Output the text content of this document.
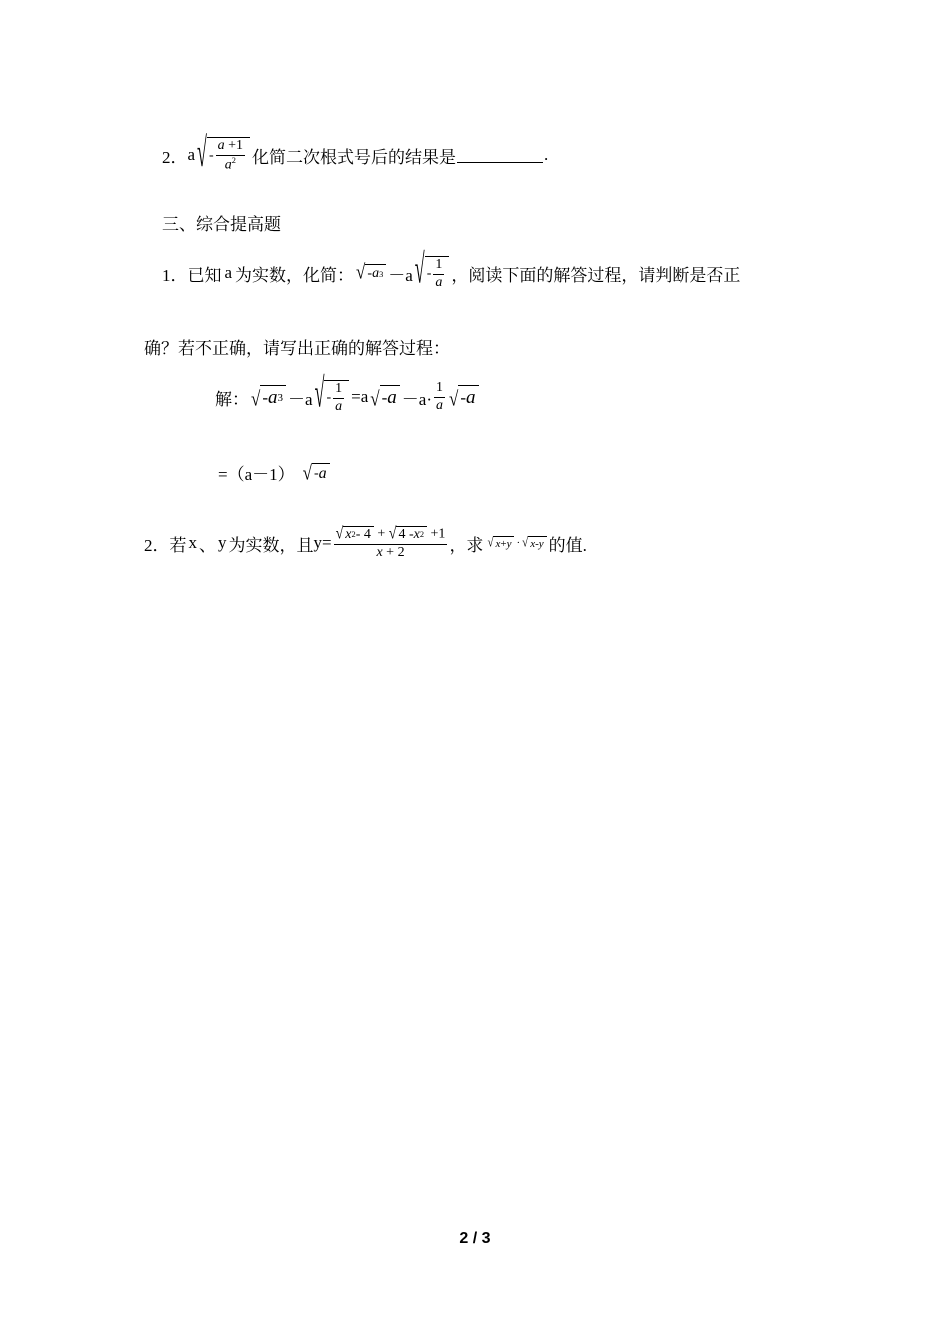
2． a √ - $\frac{a +1}{a^2}$ 化简二次根式号后的结果是	.
三、综合提高题
1． 已知 a 为实数，化简： √ - a 3 －a √ - $\frac{1}{a}$ ，阅读下面的解答过程，请判断是否正
确？若不正确，请写出正确的解答过程：
解： √ - a 3 －a √ - $\frac{1}{a} =a$ √ - $a -a\cdot \frac{1}{a}$ √ - a
=（a－1） √ - a
2． 若 x 、 y 为实数，且 y= √ x 2 - 4 + √ 4 - x 2 +1
x + 2	，求 √ x + y · √ x - y 的值.
2 / 3
